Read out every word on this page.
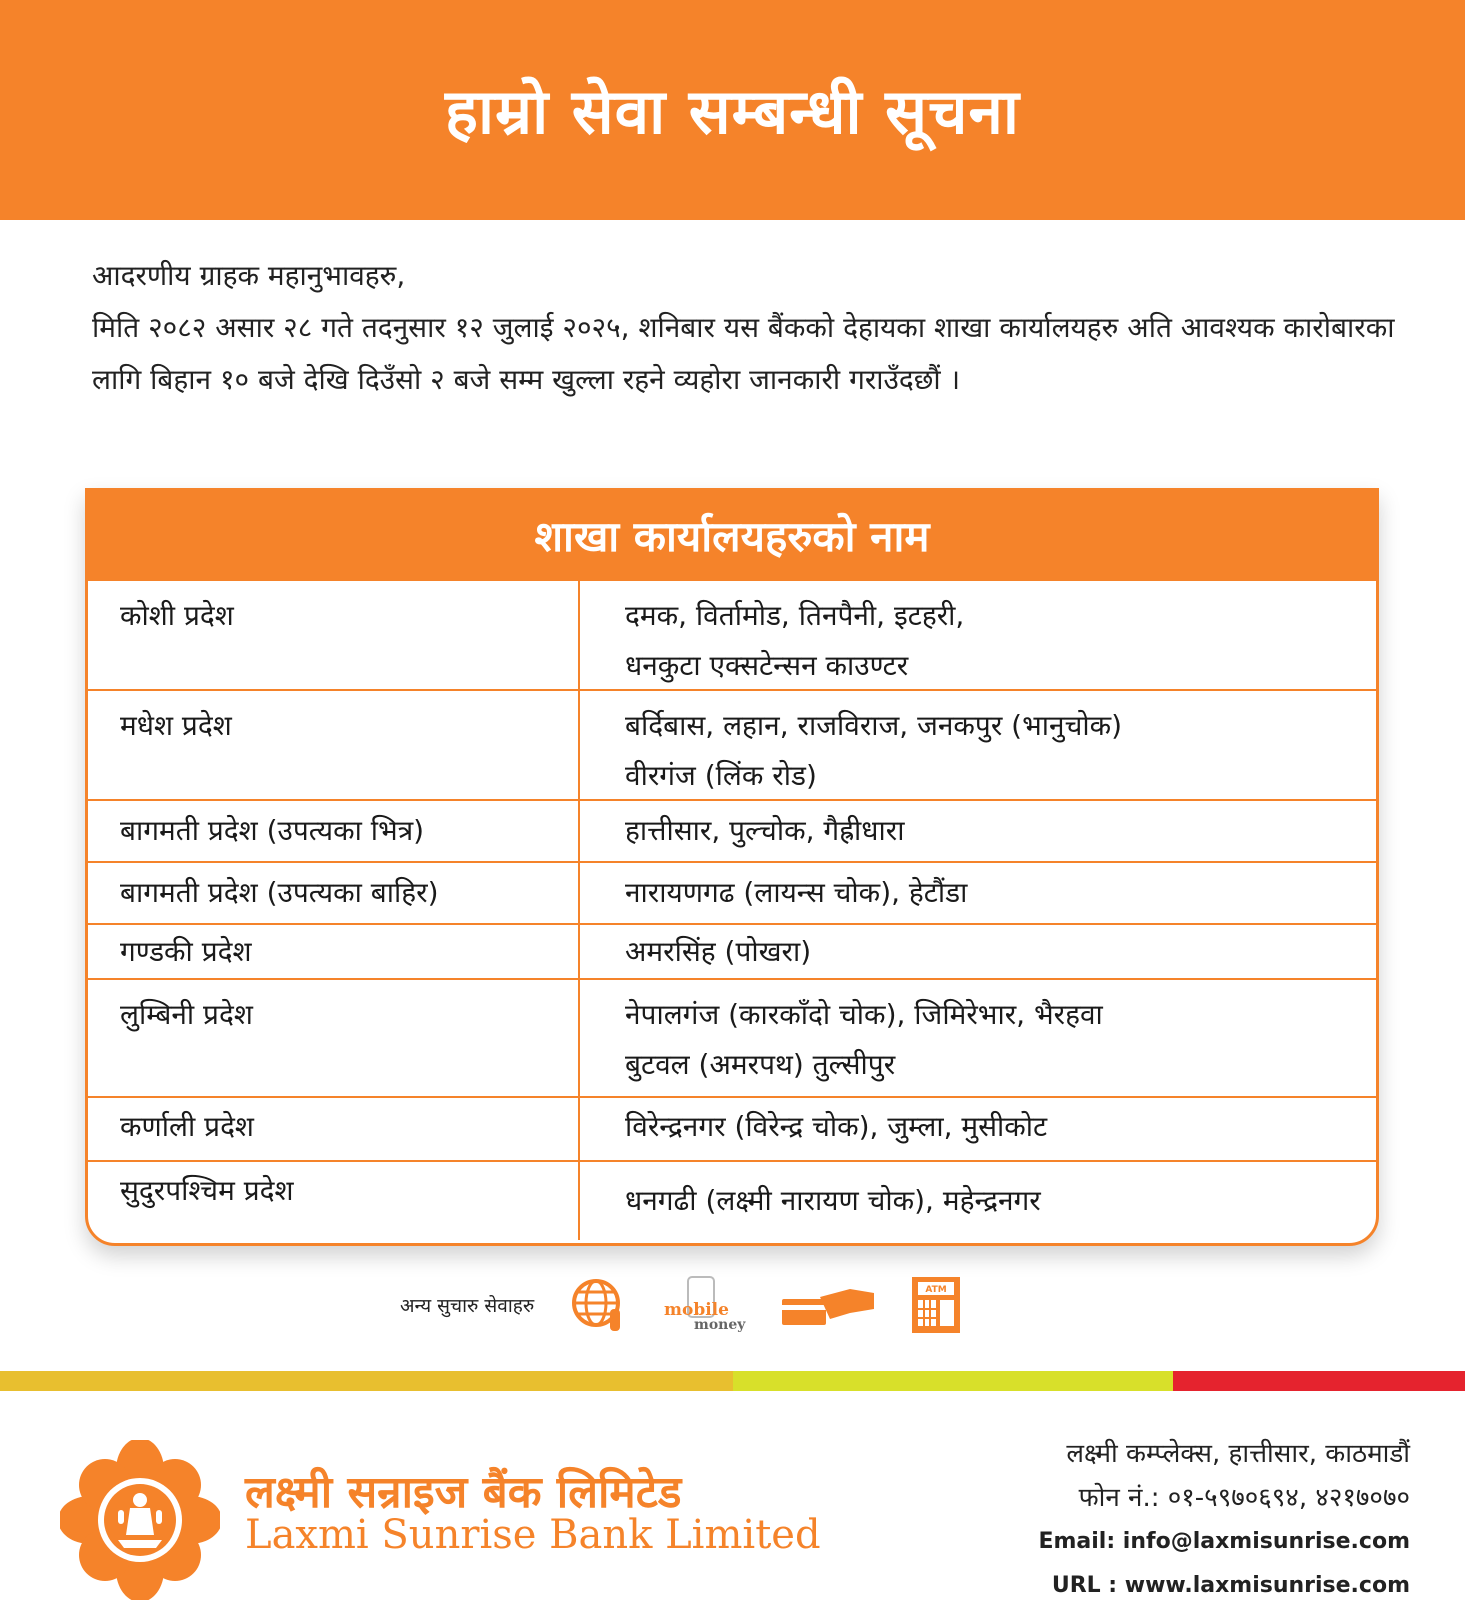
हाम्रो सेवा सम्बन्धी सूचना

आदरणीय ग्राहक महानुभावहरु,

मिति २०८२ असार २८ गते तदनुसार १२ जुलाई २०२५, शनिबार यस बैंकको देहायका शाखा कार्यालयहरु अति आवश्यक कारोबारका लागि बिहान १० बजे देखि दिउँसो २ बजे सम्म खुल्ला रहने व्यहोरा जानकारी गराउँदछौं ।

शाखा कार्यालयहरुको नाम
कोशी प्रदेश	दमक, विर्तामोड, तिनपैनी, इटहरी,
धनकुटा एक्सटेन्सन काउण्टर
मधेश प्रदेश	बर्दिबास, लहान, राजविराज, जनकपुर (भानुचोक)
वीरगंज (लिंक रोड)
बागमती प्रदेश (उपत्यका भित्र)	हात्तीसार, पुल्चोक, गैह्रीधारा
बागमती प्रदेश (उपत्यका बाहिर)	नारायणगढ (लायन्स चोक), हेटौंडा
गण्डकी प्रदेश	अमरसिंह (पोखरा)
लुम्बिनी प्रदेश	नेपालगंज (कारकाँदो चोक), जिमिरेभार, भैरहवा
बुटवल (अमरपथ) तुल्सीपुर
कर्णाली प्रदेश	विरेन्द्रनगर (विरेन्द्र चोक), जुम्ला, मुसीकोट
सुदुरपश्चिम प्रदेश	धनगढी (लक्ष्मी नारायण चोक), महेन्द्रनगर
अन्य सुचारु सेवाहरु	mobile
money
ATM
लक्ष्मी सन्राइज बैंक लिमिटेड
Laxmi Sunrise Bank Limited
लक्ष्मी कम्प्लेक्स, हात्तीसार, काठमाडौं
फोन नं.: ०१-५९७०६९४, ४२१७०७०
Email: info@laxmisunrise.com
URL : www.laxmisunrise.com
